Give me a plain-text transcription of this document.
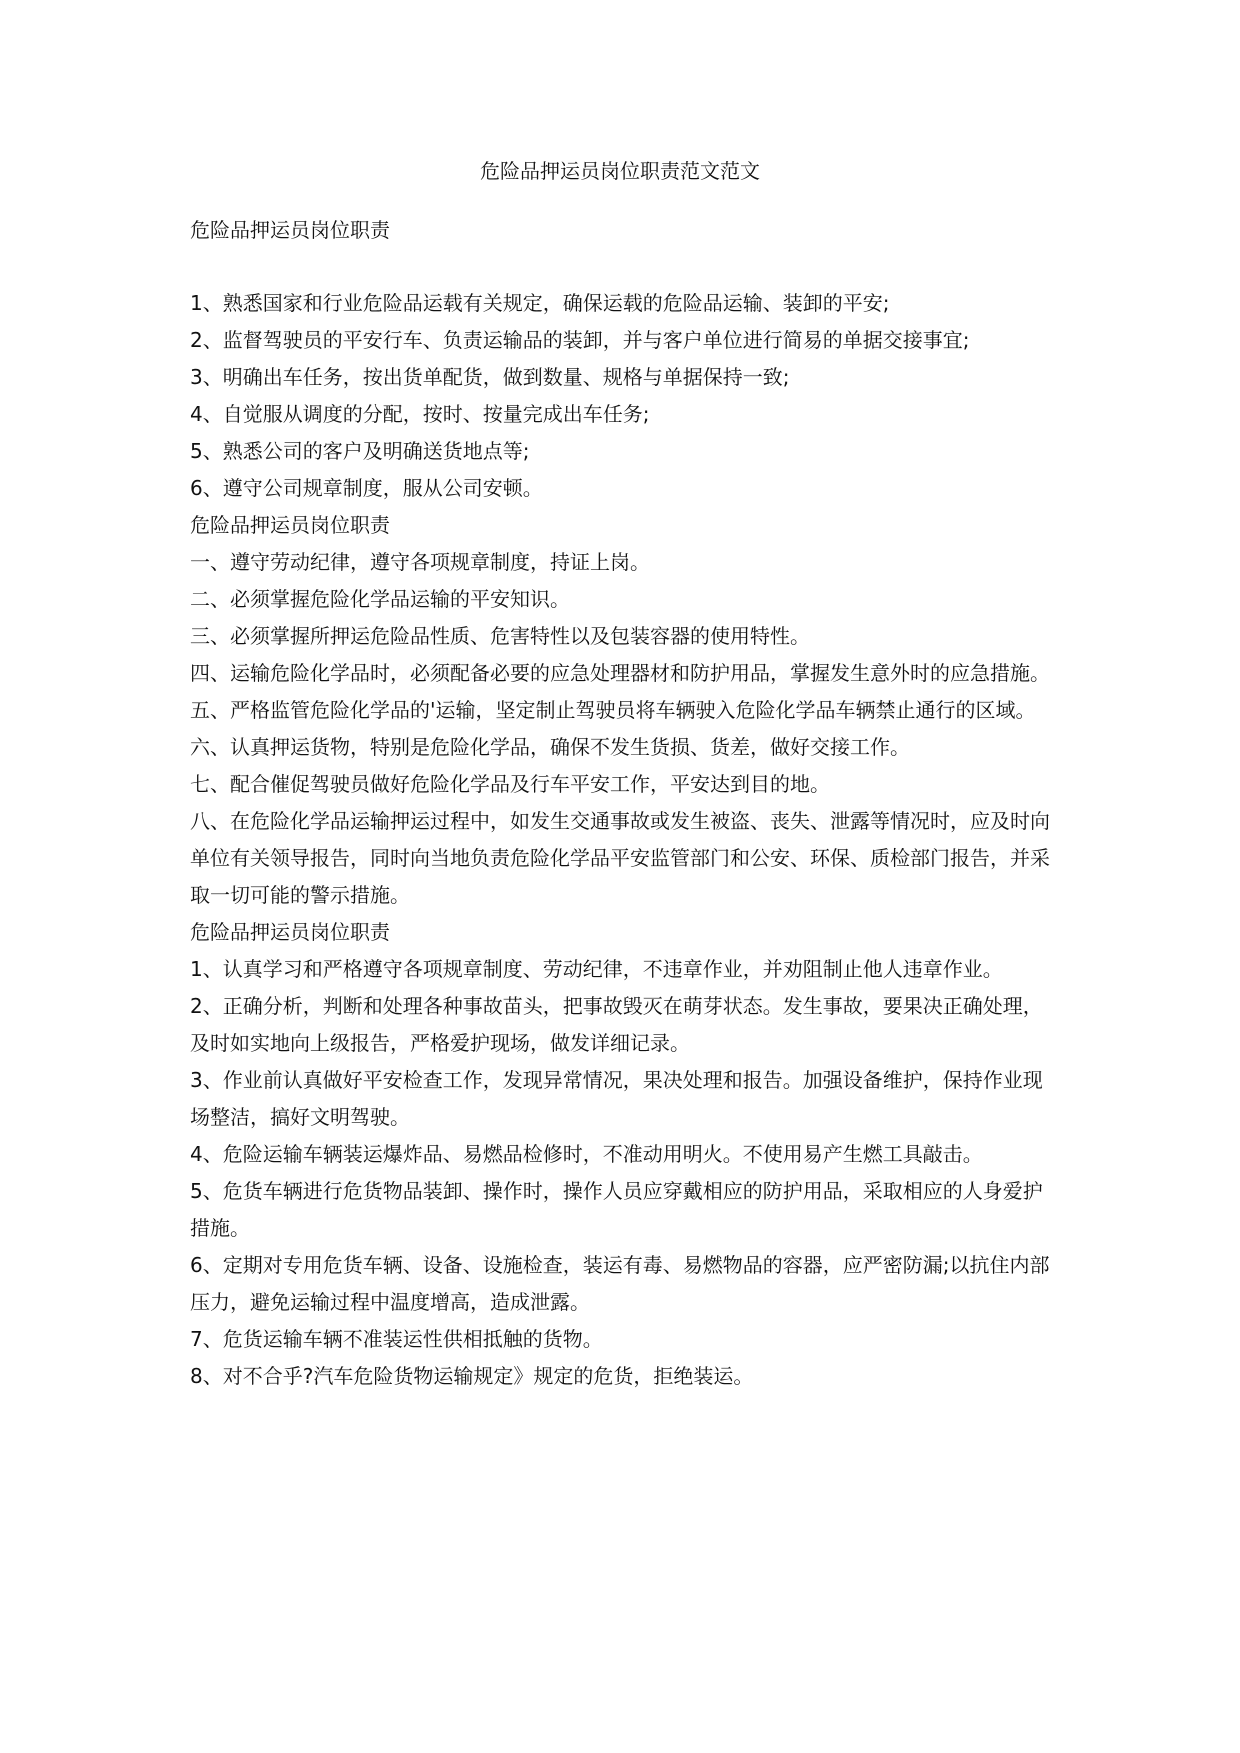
危险品押运员岗位职责范文范文

危险品押运员岗位职责

1、熟悉国家和行业危险品运载有关规定，确保运载的危险品运输、装卸的平安;

2、监督驾驶员的平安行车、负责运输品的装卸，并与客户单位进行简易的单据交接事宜;

3、明确出车任务，按出货单配货，做到数量、规格与单据保持一致;

4、自觉服从调度的分配，按时、按量完成出车任务;

5、熟悉公司的客户及明确送货地点等;

6、遵守公司规章制度，服从公司安顿。

危险品押运员岗位职责

一、遵守劳动纪律，遵守各项规章制度，持证上岗。

二、必须掌握危险化学品运输的平安知识。

三、必须掌握所押运危险品性质、危害特性以及包装容器的使用特性。

四、运输危险化学品时，必须配备必要的应急处理器材和防护用品，掌握发生意外时的应急措施。

五、严格监管危险化学品的'运输，坚定制止驾驶员将车辆驶入危险化学品车辆禁止通行的区域。

六、认真押运货物，特别是危险化学品，确保不发生货损、货差，做好交接工作。

七、配合催促驾驶员做好危险化学品及行车平安工作，平安达到目的地。

八、在危险化学品运输押运过程中，如发生交通事故或发生被盗、丧失、泄露等情况时，应及时向单位有关领导报告，同时向当地负责危险化学品平安监管部门和公安、环保、质检部门报告，并采取一切可能的警示措施。

危险品押运员岗位职责

1、认真学习和严格遵守各项规章制度、劳动纪律，不违章作业，并劝阻制止他人违章作业。

2、正确分析，判断和处理各种事故苗头，把事故毁灭在萌芽状态。发生事故，要果决正确处理，及时如实地向上级报告，严格爱护现场，做发详细记录。

3、作业前认真做好平安检查工作，发现异常情况，果决处理和报告。加强设备维护，保持作业现场整洁，搞好文明驾驶。

4、危险运输车辆装运爆炸品、易燃品检修时，不准动用明火。不使用易产生燃工具敲击。

5、危货车辆进行危货物品装卸、操作时，操作人员应穿戴相应的防护用品，采取相应的人身爱护措施。

6、定期对专用危货车辆、设备、设施检查，装运有毒、易燃物品的容器，应严密防漏;以抗住内部压力，避免运输过程中温度增高，造成泄露。

7、危货运输车辆不准装运性供相抵触的货物。

8、对不合乎?汽车危险货物运输规定》规定的危货，拒绝装运。
